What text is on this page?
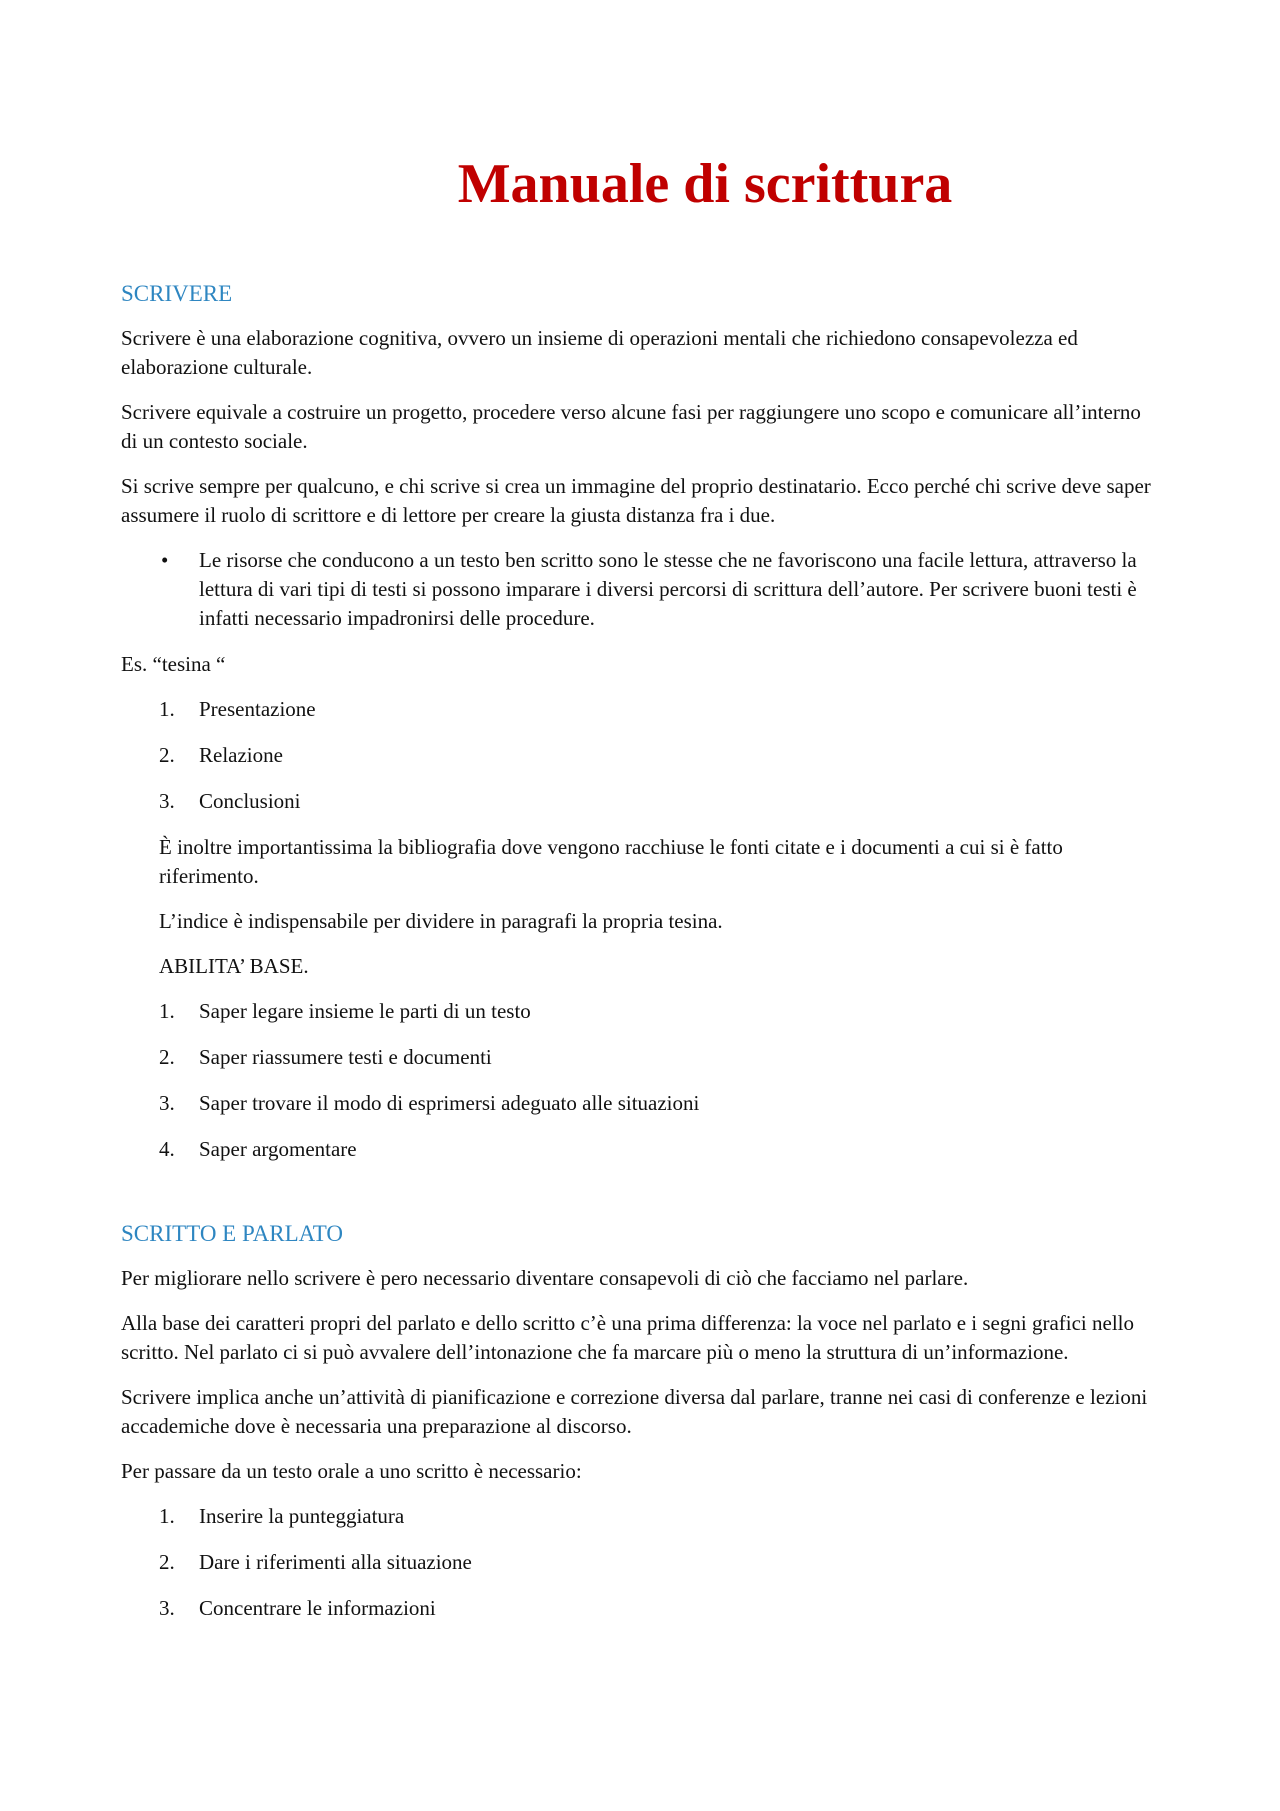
Manuale di scrittura
SCRIVERE

Scrivere è una elaborazione cognitiva, ovvero un insieme di operazioni mentali che richiedono consapevolezza ed elaborazione culturale.

Scrivere equivale a costruire un progetto, procedere verso alcune fasi per raggiungere uno scopo e comunicare all’interno di un contesto sociale.

Si scrive sempre per qualcuno, e chi scrive si crea un immagine del proprio destinatario. Ecco perché chi scrive deve saper assumere il ruolo di scrittore e di lettore per creare la giusta distanza fra i due.

• Le risorse che conducono a un testo ben scritto sono le stesse che ne favoriscono una facile lettura, attraverso la lettura di vari tipi di testi si possono imparare i diversi percorsi di scrittura dell’autore. Per scrivere buoni testi è infatti necessario impadronirsi delle procedure.

Es. “tesina “

1. Presentazione
2. Relazione
3. Conclusioni

È inoltre importantissima la bibliografia dove vengono racchiuse le fonti citate e i documenti a cui si è fatto riferimento.

L’indice è indispensabile per dividere in paragrafi la propria tesina.

ABILITA’ BASE.

1. Saper legare insieme le parti di un testo
2. Saper riassumere testi e documenti
3. Saper trovare il modo di esprimersi adeguato alle situazioni
4. Saper argomentare
SCRITTO E PARLATO

Per migliorare nello scrivere è pero necessario diventare consapevoli di ciò che facciamo nel parlare.

Alla base dei caratteri propri del parlato e dello scritto c’è una prima differenza: la voce nel parlato e i segni grafici nello scritto. Nel parlato ci si può avvalere dell’intonazione che fa marcare più o meno la struttura di un’informazione.

Scrivere implica anche un’attività di pianificazione e correzione diversa dal parlare, tranne nei casi di conferenze e lezioni accademiche dove è necessaria una preparazione al discorso.

Per passare da un testo orale a uno scritto è necessario:

1. Inserire la punteggiatura
2. Dare i riferimenti alla situazione
3. Concentrare le informazioni
